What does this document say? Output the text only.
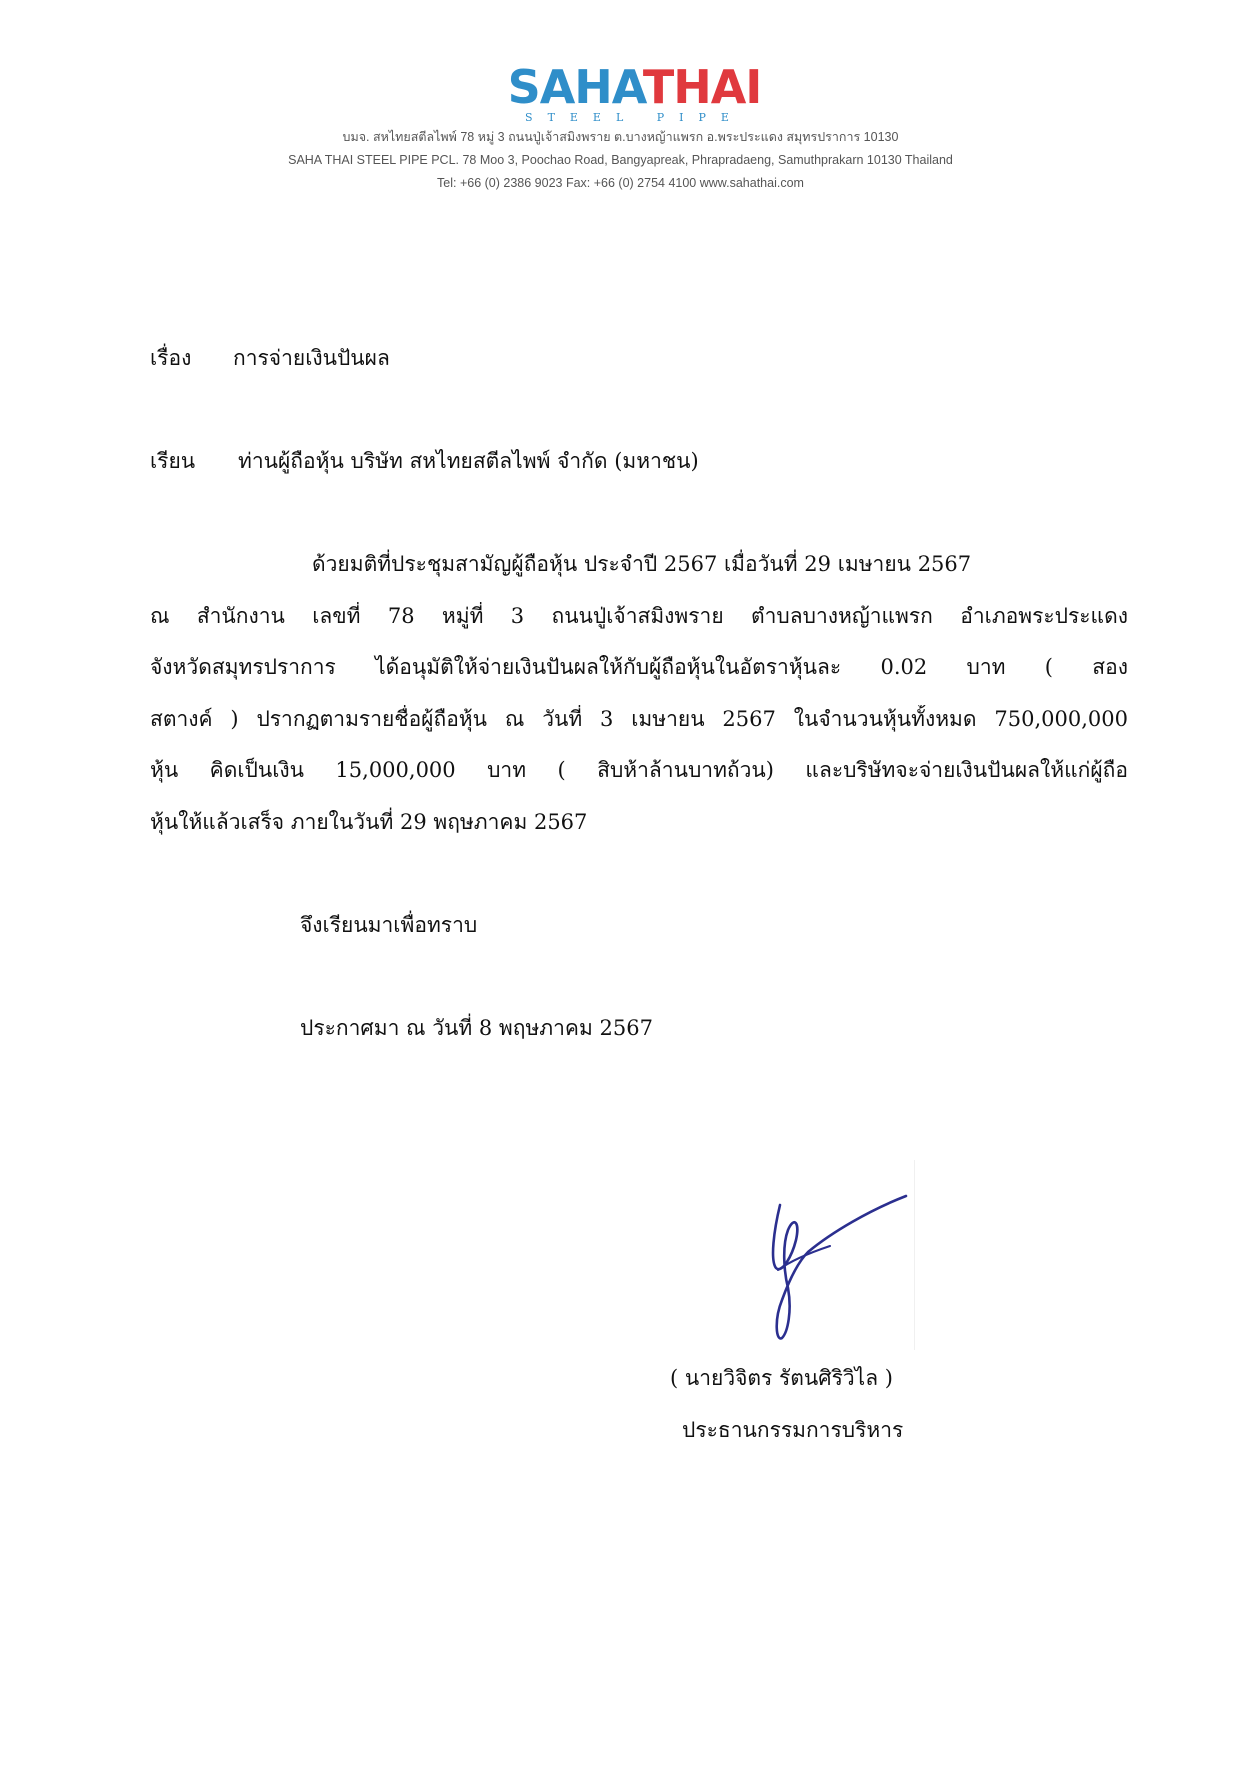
SAHATHAI
STEEL PIPE
บมจ. สหไทยสตีลไพพ์ 78 หมู่ 3 ถนนปู่เจ้าสมิงพราย ต.บางหญ้าแพรก อ.พระประแดง สมุทรปราการ 10130
SAHA THAI STEEL PIPE PCL. 78 Moo 3, Poochao Road, Bangyapreak, Phrapradaeng, Samuthprakarn 10130 Thailand
Tel: +66 (0) 2386 9023 Fax: +66 (0) 2754 4100 www.sahathai.com
เรื่อง การจ่ายเงินปันผล
เรียน ท่านผู้ถือหุ้น บริษัท สหไทยสตีลไพพ์ จำกัด (มหาชน)
ด้วยมติที่ประชุมสามัญผู้ถือหุ้น ประจำปี 2567 เมื่อวันที่ 29 เมษายน 2567
ณ สำนักงาน เลขที่ 78 หมู่ที่ 3 ถนนปู่เจ้าสมิงพราย ตำบลบางหญ้าแพรก อำเภอพระประแดง
จังหวัดสมุทรปราการ ได้อนุมัติให้จ่ายเงินปันผลให้กับผู้ถือหุ้นในอัตราหุ้นละ 0.02 บาท ( สอง
สตางค์ ) ปรากฏตามรายชื่อผู้ถือหุ้น ณ วันที่ 3 เมษายน 2567 ในจำนวนหุ้นทั้งหมด 750,000,000
หุ้น คิดเป็นเงิน 15,000,000 บาท ( สิบห้าล้านบาทถ้วน) และบริษัทจะจ่ายเงินปันผลให้แก่ผู้ถือ
หุ้นให้แล้วเสร็จ ภายในวันที่ 29 พฤษภาคม 2567
จึงเรียนมาเพื่อทราบ
ประกาศมา ณ วันที่ 8 พฤษภาคม 2567
( นายวิจิตร รัตนศิริวิไล )
ประธานกรรมการบริหาร
